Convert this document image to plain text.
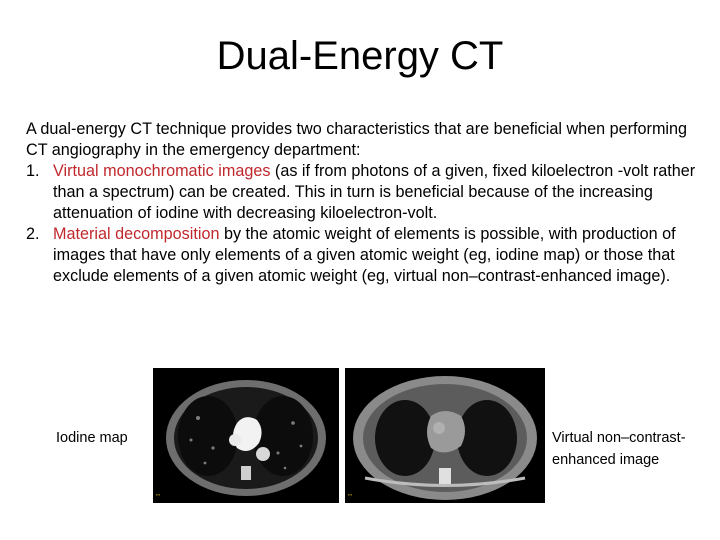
Dual-Energy CT

A dual-energy CT technique provides two characteristics that are beneficial when performing CT angiography in the emergency department:

1. Virtual monochromatic images (as if from photons of a given, fixed kiloelectron -volt rather than a spectrum) can be created. This in turn is beneficial because of the increasing attenuation of iodine with decreasing kiloelectron-volt.
2. Material decomposition by the atomic weight of elements is possible, with production of images that have only elements of a given atomic weight (eg, iodine map) or those that exclude elements of a given atomic weight (eg, virtual non–contrast-enhanced image).
▪▪▪	▪▪▪
Iodine map	Virtual non–contrast-enhanced image
